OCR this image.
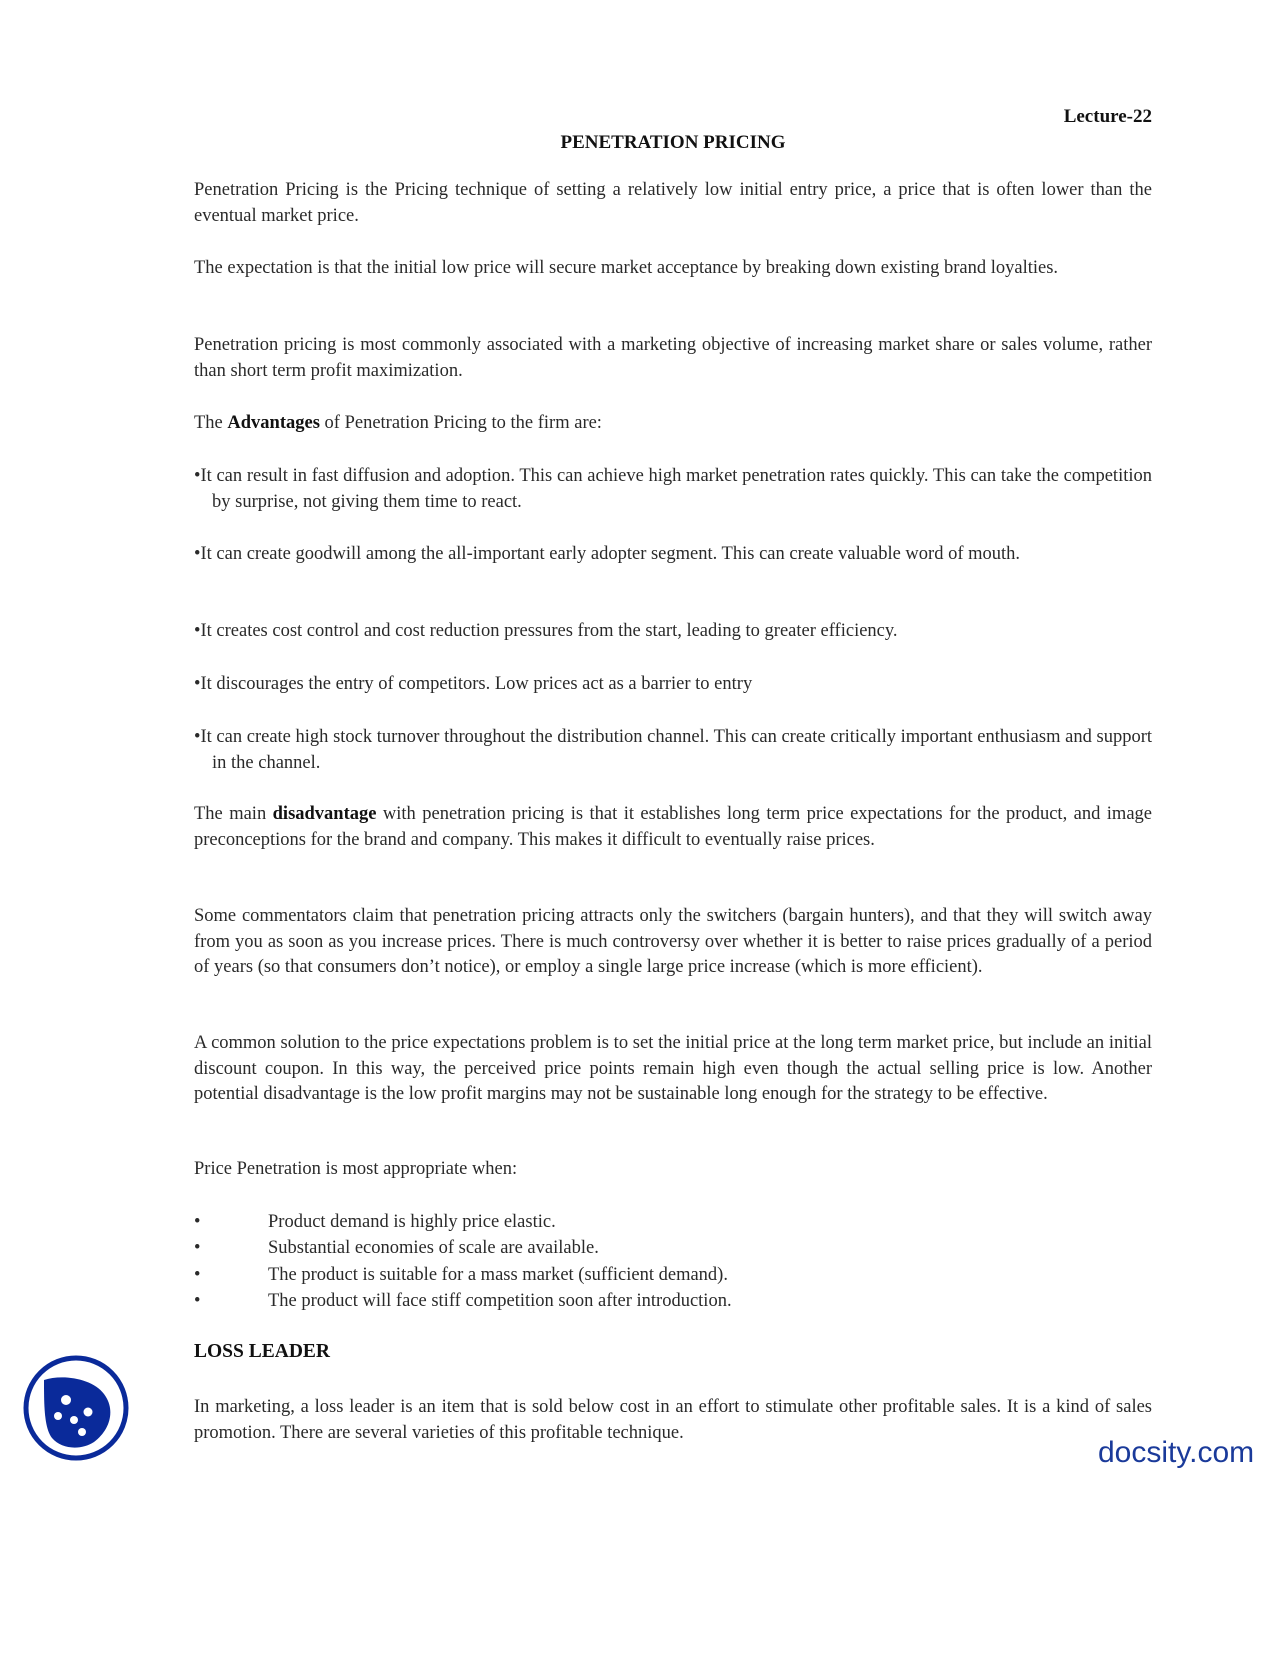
Lecture-22
PENETRATION PRICING
Penetration Pricing is the Pricing technique of setting a relatively low initial entry price, a price that is often lower than the eventual market price.
The expectation is that the initial low price will secure market acceptance by breaking down existing brand loyalties.
Penetration pricing is most commonly associated with a marketing objective of increasing market share or sales volume, rather than short term profit maximization.
The Advantages of Penetration Pricing to the firm are:
•It can result in fast diffusion and adoption. This can achieve high market penetration rates quickly. This can take the competition by surprise, not giving them time to react.
•It can create goodwill among the all-important early adopter segment. This can create valuable word of mouth.
•It creates cost control and cost reduction pressures from the start, leading to greater efficiency.
•It discourages the entry of competitors. Low prices act as a barrier to entry
•It can create high stock turnover throughout the distribution channel. This can create critically important enthusiasm and support in the channel.
The main disadvantage with penetration pricing is that it establishes long term price expectations for the product, and image preconceptions for the brand and company. This makes it difficult to eventually raise prices.
Some commentators claim that penetration pricing attracts only the switchers (bargain hunters), and that they will switch away from you as soon as you increase prices. There is much controversy over whether it is better to raise prices gradually of a period of years (so that consumers don’t notice), or employ a single large price increase (which is more efficient).
A common solution to the price expectations problem is to set the initial price at the long term market price, but include an initial discount coupon. In this way, the perceived price points remain high even though the actual selling price is low. Another potential disadvantage is the low profit margins may not be sustainable long enough for the strategy to be effective.
Price Penetration is most appropriate when:
•	Product demand is highly price elastic.
•	Substantial economies of scale are available.
•	The product is suitable for a mass market (sufficient demand).
•	The product will face stiff competition soon after introduction.
LOSS LEADER
In marketing, a loss leader is an item that is sold below cost in an effort to stimulate other profitable sales. It is a kind of sales promotion. There are several varieties of this profitable technique.
docsity.com
